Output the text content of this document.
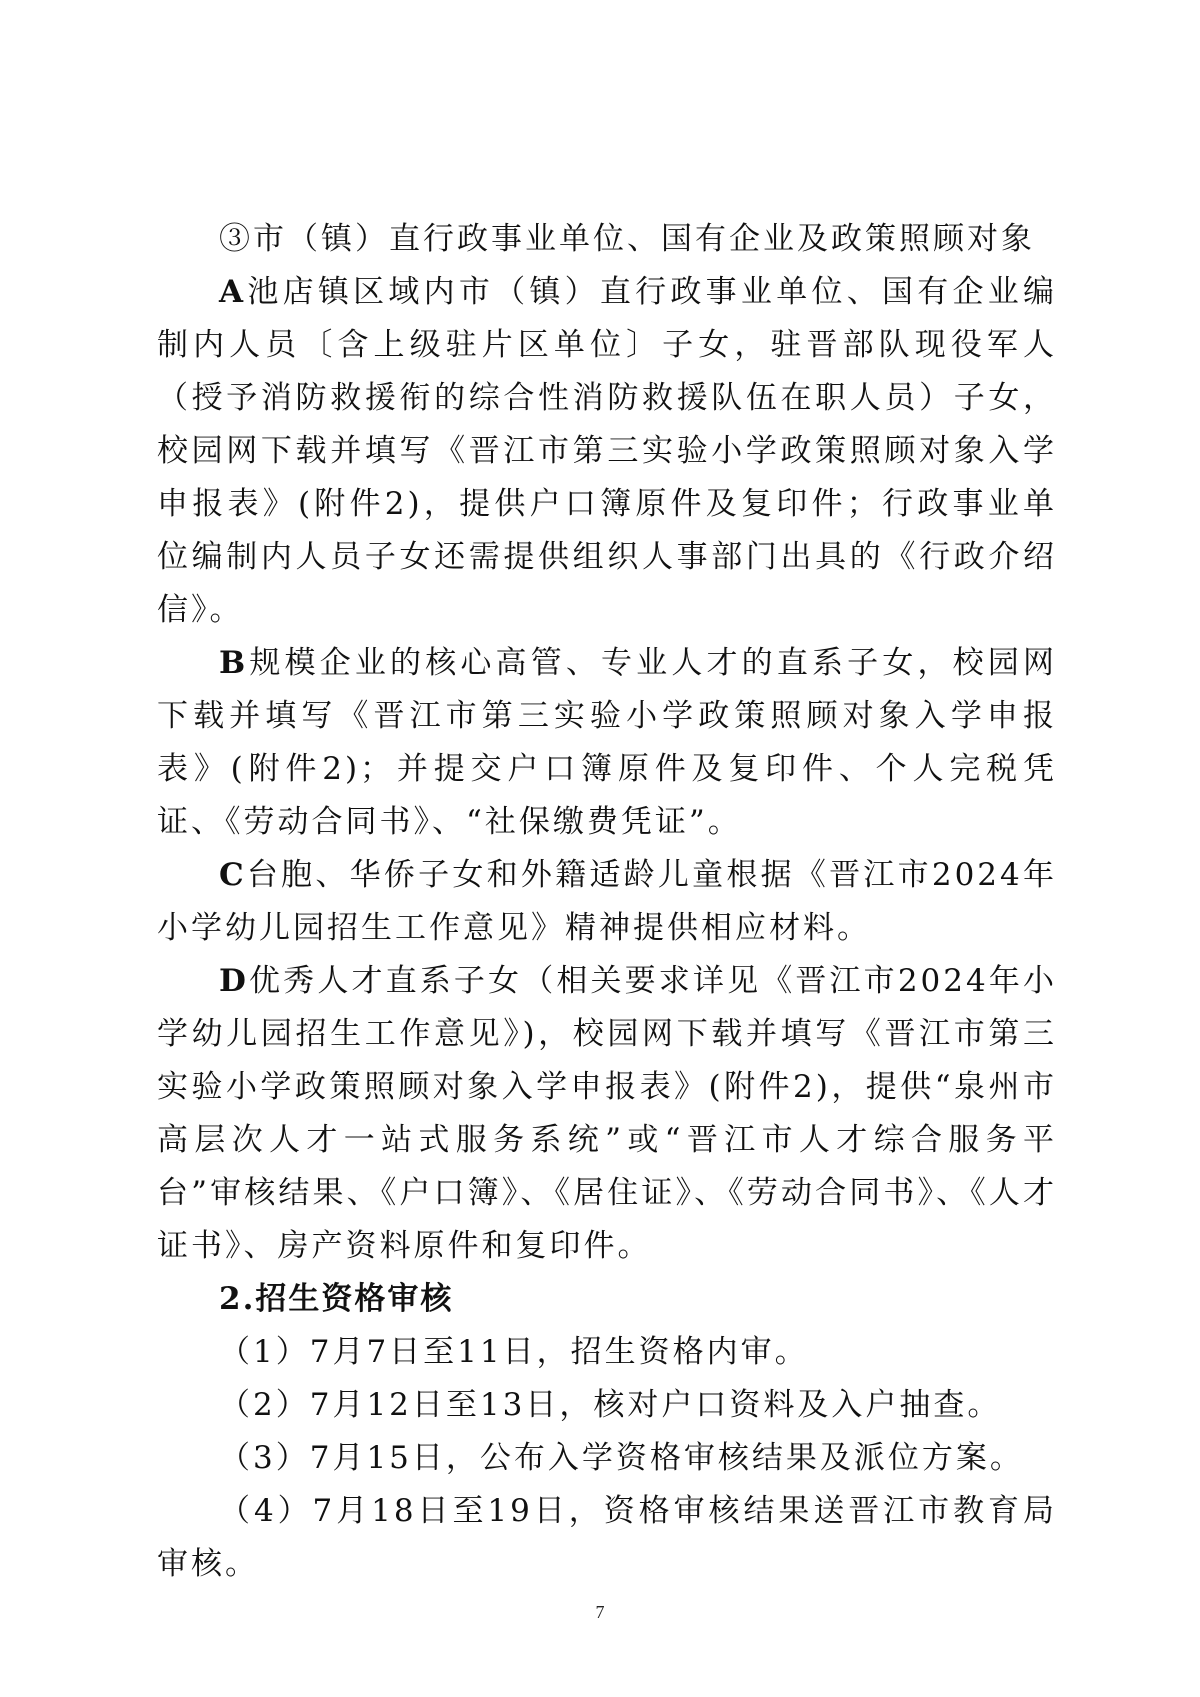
③市（镇）直行政事业单位、国有企业及政策照顾对象

A池店镇区域内市（镇）直行政事业单位、国有企业编制内人员〔含上级驻片区单位〕子女，驻晋部队现役军人（授予消防救援衔的综合性消防救援队伍在职人员）子女，校园网下载并填写《晋江市第三实验小学政策照顾对象入学申报表》(附件2)，提供户口簿原件及复印件；行政事业单位编制内人员子女还需提供组织人事部门出具的《行政介绍信》。

B规模企业的核心高管、专业人才的直系子女，校园网下载并填写《晋江市第三实验小学政策照顾对象入学申报表》(附件2)；并提交户口簿原件及复印件、个人完税凭证、《劳动合同书》、“社保缴费凭证”。

C台胞、华侨子女和外籍适龄儿童根据《晋江市2024年小学幼儿园招生工作意见》精神提供相应材料。

D优秀人才直系子女（相关要求详见《晋江市2024年小学幼儿园招生工作意见》)，校园网下载并填写《晋江市第三实验小学政策照顾对象入学申报表》(附件2)，提供“泉州市高层次人才一站式服务系统”或“晋江市人才综合服务平台”审核结果、《户口簿》、《居住证》、《劳动合同书》、《人才证书》、房产资料原件和复印件。

2.招生资格审核

（1）7月7日至11日，招生资格内审。

（2）7月12日至13日，核对户口资料及入户抽查。

（3）7月15日，公布入学资格审核结果及派位方案。

（4）7月18日至19日，资格审核结果送晋江市教育局审核。

7
